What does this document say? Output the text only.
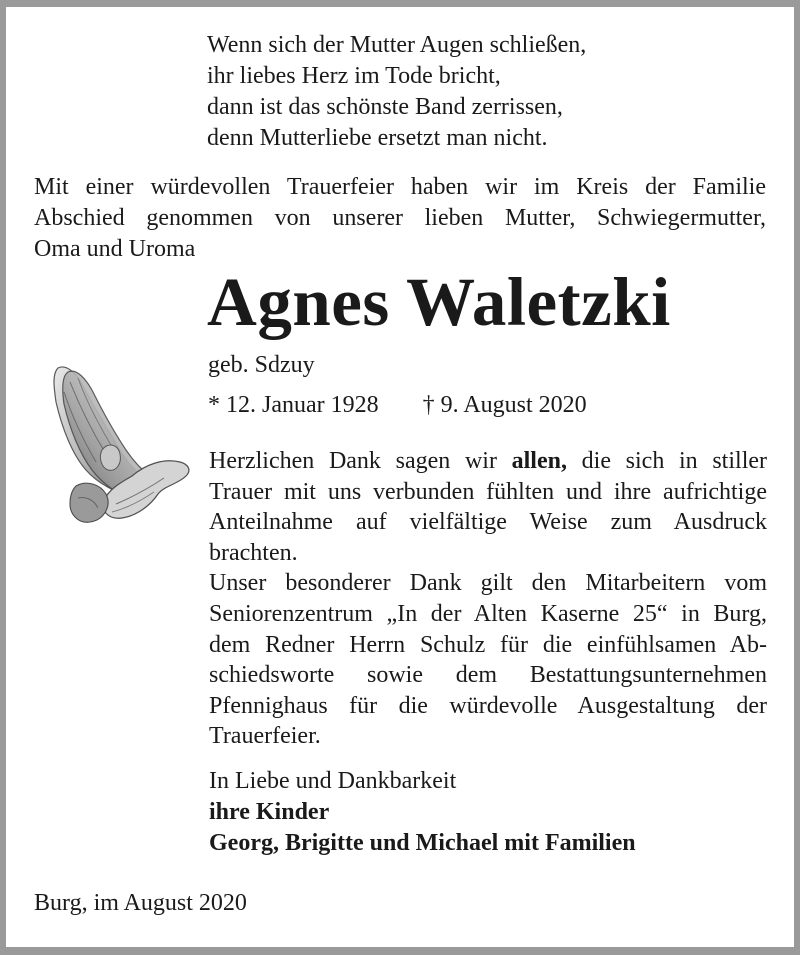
Wenn sich der Mutter Augen schließen,
ihr liebes Herz im Tode bricht,
dann ist das schönste Band zerrissen,
denn Mutterliebe ersetzt man nicht.
Mit einer würdevollen Trauerfeier haben wir im Kreis der Familie
Abschied genommen von unserer lieben Mutter, Schwiegermutter,
Oma und Uroma
Agnes Waletzki
geb. Sdzuy
* 12. Januar 1928 † 9. August 2020
Herzlichen Dank sagen wir allen, die sich in stiller
Trauer mit uns verbunden fühlten und ihre aufrichtige
Anteilnahme auf vielfältige Weise zum Ausdruck
brachten.
Unser besonderer Dank gilt den Mitarbeitern vom
Seniorenzentrum „In der Alten Kaserne 25“ in Burg,
dem Redner Herrn Schulz für die einfühlsamen Ab-
schiedsworte sowie dem Bestattungsunternehmen
Pfennighaus für die würdevolle Ausgestaltung der
Trauerfeier.
In Liebe und Dankbarkeit
ihre Kinder
Georg, Brigitte und Michael mit Familien
Burg, im August 2020
